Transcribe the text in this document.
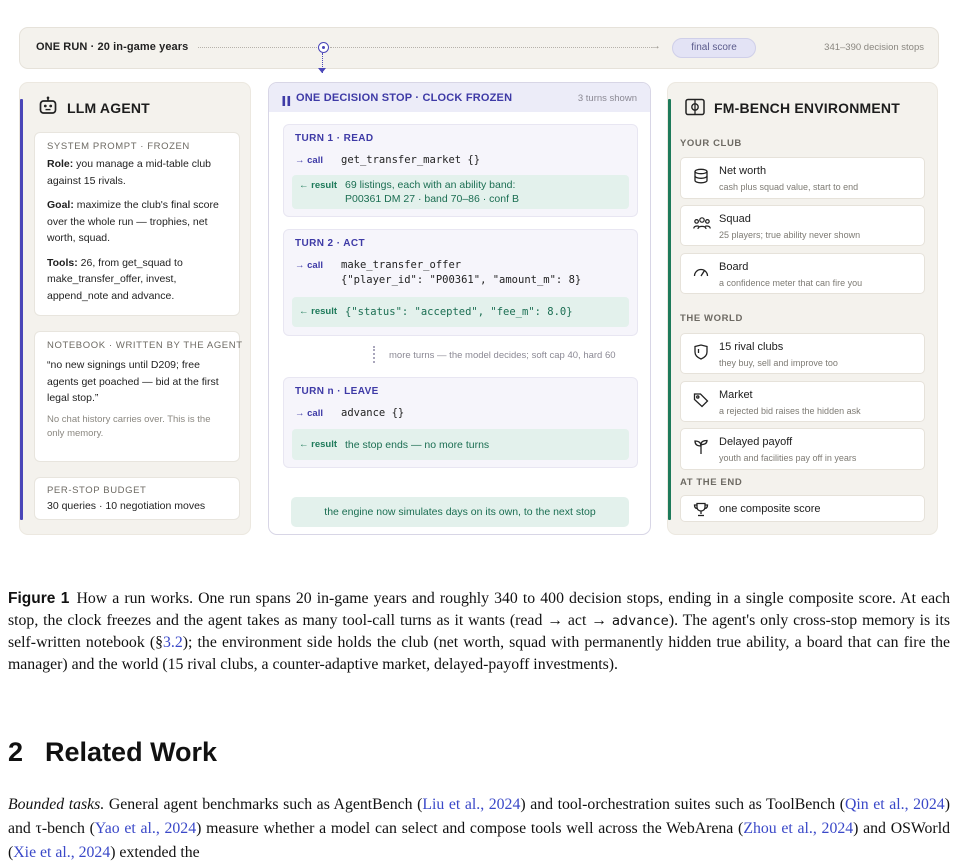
ONE RUN · 20 in-game years	→	final score	341–390 decision stops
LLM AGENT
SYSTEM PROMPT · FROZEN
Role: you manage a mid-table club against 15 rivals.
Goal: maximize the club's final score over the whole run — trophies, net worth, squad.
Tools: 26, from get_squad to make_transfer_offer, invest, append_note and advance.
NOTEBOOK · WRITTEN BY THE AGENT
“no new signings until D209; free agents get poached — bid at the first legal stop.”
No chat history carries over. This is the only memory.
PER-STOP BUDGET
30 queries · 10 negotiation moves
ONE DECISION STOP · CLOCK FROZEN	3 turns shown
TURN 1 · READ
→ call get_transfer_market {}
← result 69 listings, each with an ability band:
P00361 DM 27 · band 70–86 · conf B
TURN 2 · ACT
→ call make_transfer_offer
{"player_id": "P00361", "amount_m": 8}
← result {"status": "accepted", "fee_m": 8.0}
more turns — the model decides; soft cap 40, hard 60
TURN n · LEAVE
→ call advance {}
← result the stop ends — no more turns
the engine now simulates days on its own, to the next stop
FM-BENCH ENVIRONMENT
YOUR CLUB
Net worth
cash plus squad value, start to end
Squad
25 players; true ability never shown
Board
a confidence meter that can fire you
THE WORLD
15 rival clubs
they buy, sell and improve too
Market
a rejected bid raises the hidden ask
Delayed payoff
youth and facilities pay off in years
AT THE END
one composite score
Figure 1 How a run works. One run spans 20 in-game years and roughly 340 to 400 decision stops, ending in a single composite score. At each stop, the clock freezes and the agent takes as many tool-call turns as it wants (read → act → advance). The agent's only cross-stop memory is its self-written notebook (§3.2); the environment side holds the club (net worth, squad with permanently hidden true ability, a board that can fire the manager) and the world (15 rival clubs, a counter-adaptive market, delayed-payoff investments).
2 Related Work
Bounded tasks. General agent benchmarks such as AgentBench (Liu et al., 2024) and tool-orchestration suites such as ToolBench (Qin et al., 2024) and τ-bench (Yao et al., 2024) measure whether a model can select and compose tools well across the WebArena (Zhou et al., 2024) and OSWorld (Xie et al., 2024) extended the
